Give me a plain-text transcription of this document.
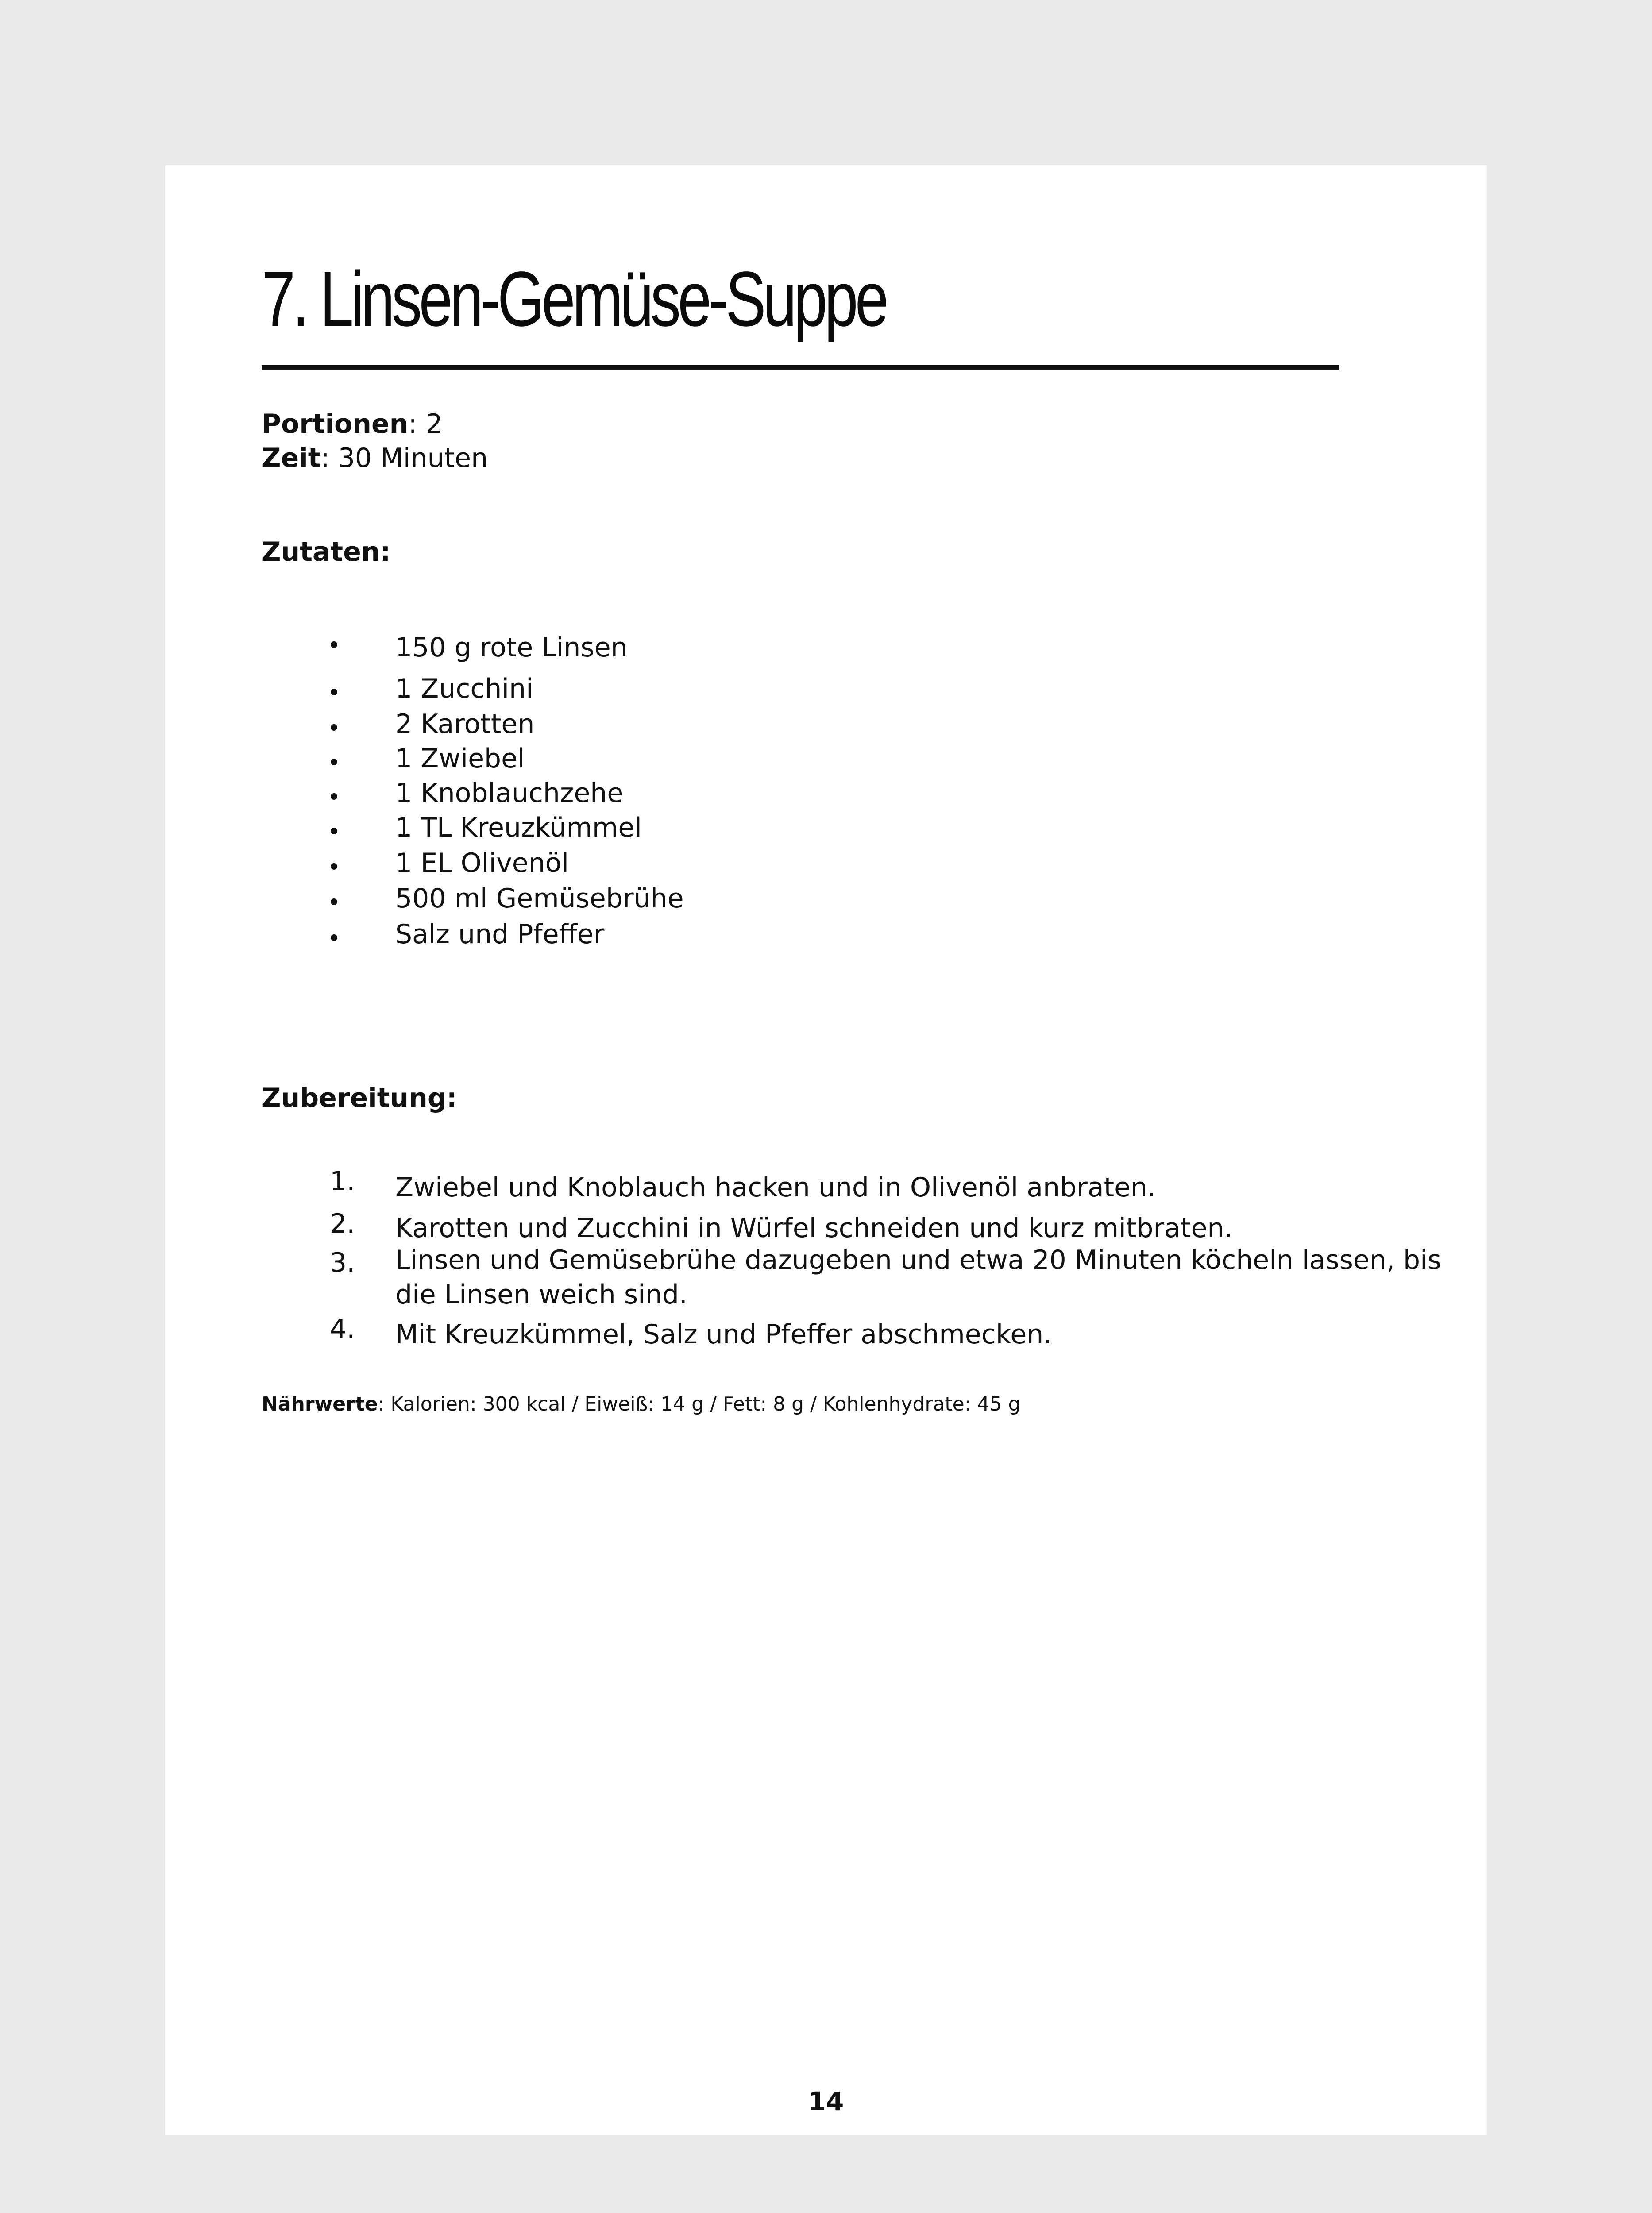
7. Linsen-Gemüse-Suppe
Portionen: 2
Zeit: 30 Minuten
Zutaten:
150 g rote Linsen
1 Zucchini
2 Karotten
1 Zwiebel
1 Knoblauchzehe
1 TL Kreuzkümmel
1 EL Olivenöl
500 ml Gemüsebrühe
Salz und Pfeffer
Zubereitung:
1. Zwiebel und Knoblauch hacken und in Olivenöl anbraten.
2. Karotten und Zucchini in Würfel schneiden und kurz mitbraten.
3. Linsen und Gemüsebrühe dazugeben und etwa 20 Minuten köcheln lassen, bis
die Linsen weich sind.
4. Mit Kreuzkümmel, Salz und Pfeffer abschmecken.
Nährwerte: Kalorien: 300 kcal / Eiweiß: 14 g / Fett: 8 g / Kohlenhydrate: 45 g
14
